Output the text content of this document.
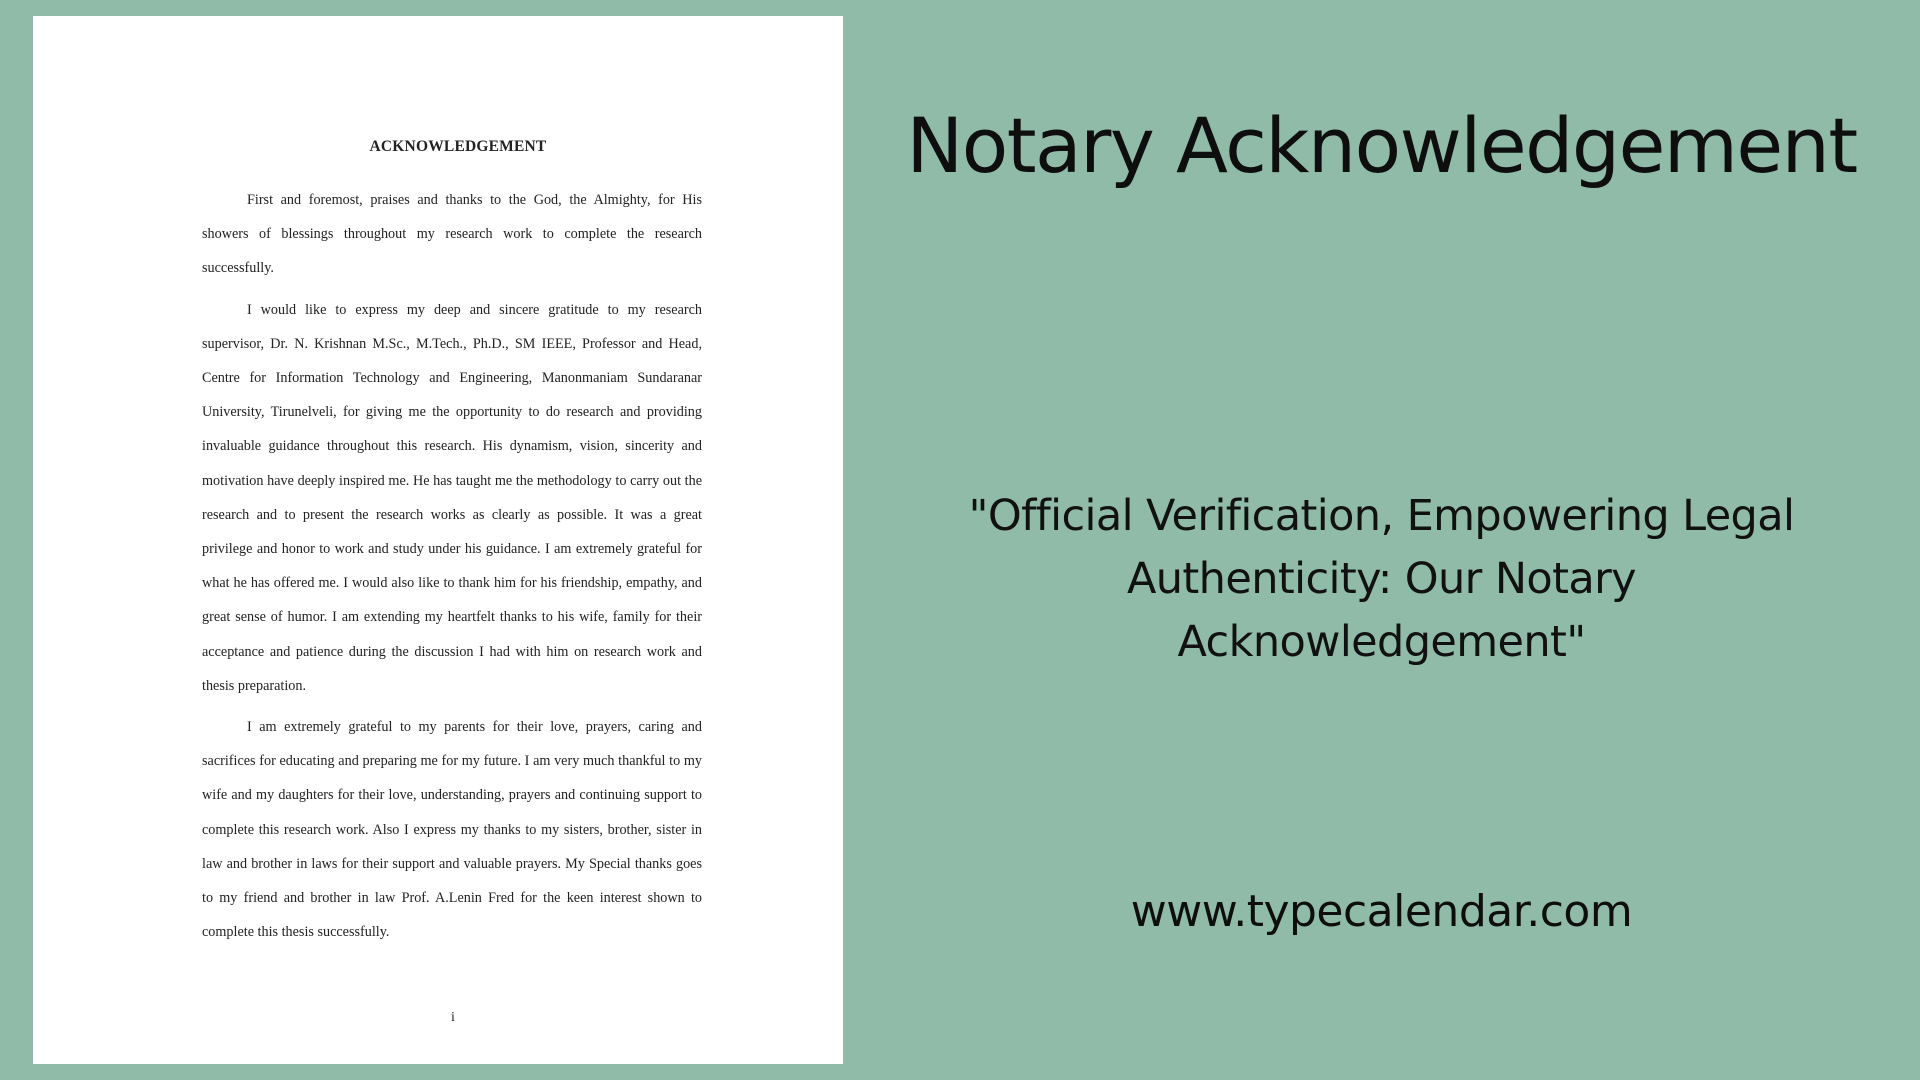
ACKNOWLEDGEMENT

First and foremost, praises and thanks to the God, the Almighty, for His showers of blessings throughout my research work to complete the research successfully.

I would like to express my deep and sincere gratitude to my research supervisor, Dr. N. Krishnan M.Sc., M.Tech., Ph.D., SM IEEE, Professor and Head, Centre for Information Technology and Engineering, Manonmaniam Sundaranar University, Tirunelveli, for giving me the opportunity to do research and providing invaluable guidance throughout this research. His dynamism, vision, sincerity and motivation have deeply inspired me. He has taught me the methodology to carry out the research and to present the research works as clearly as possible. It was a great privilege and honor to work and study under his guidance. I am extremely grateful for what he has offered me. I would also like to thank him for his friendship, empathy, and great sense of humor. I am extending my heartfelt thanks to his wife, family for their acceptance and patience during the discussion I had with him on research work and thesis preparation.

I am extremely grateful to my parents for their love, prayers, caring and sacrifices for educating and preparing me for my future. I am very much thankful to my wife and my daughters for their love, understanding, prayers and continuing support to complete this research work. Also I express my thanks to my sisters, brother, sister in law and brother in laws for their support and valuable prayers. My Special thanks goes to my friend and brother in law Prof. A.Lenin Fred for the keen interest shown to complete this thesis successfully.

i
Notary Acknowledgement

"Official Verification, Empowering Legal Authenticity: Our Notary Acknowledgement"

www.typecalendar.com
